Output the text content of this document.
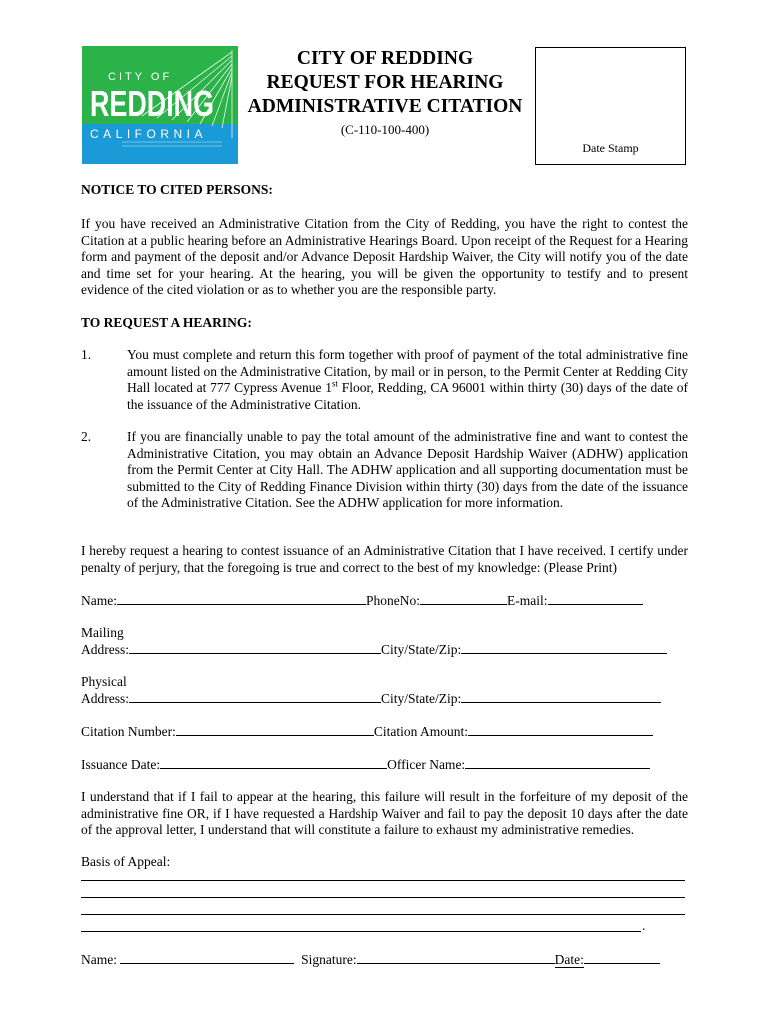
CITY OF
REDDING
CALIFORNIA
CITY OF REDDING
REQUEST FOR HEARING
ADMINISTRATIVE CITATION
(C-110-100-400)
Date Stamp
NOTICE TO CITED PERSONS:
If you have received an Administrative Citation from the City of Redding, you have the right to contest the Citation at a public hearing before an Administrative Hearings Board. Upon receipt of the Request for a Hearing form and payment of the deposit and/or Advance Deposit Hardship Waiver, the City will notify you of the date and time set for your hearing. At the hearing, you will be given the opportunity to testify and to present evidence of the cited violation or as to whether you are the responsible party.
TO REQUEST A HEARING:
1.	You must complete and return this form together with proof of payment of the total administrative fine amount listed on the Administrative Citation, by mail or in person, to the Permit Center at Redding City Hall located at 777 Cypress Avenue 1st Floor, Redding, CA 96001 within thirty (30) days of the date of the issuance of the Administrative Citation.
2.	If you are financially unable to pay the total amount of the administrative fine and want to contest the Administrative Citation, you may obtain an Advance Deposit Hardship Waiver (ADHW) application from the Permit Center at City Hall. The ADHW application and all supporting documentation must be submitted to the City of Redding Finance Division within thirty (30) days from the date of the issuance of the Administrative Citation. See the ADHW application for more information.
I hereby request a hearing to contest issuance of an Administrative Citation that I have received. I certify under penalty of perjury, that the foregoing is true and correct to the best of my knowledge: (Please Print)
Name:	PhoneNo:	E-mail:
Mailing
Address:	City/State/Zip:
Physical
Address:	City/State/Zip:
Citation Number:	Citation Amount:
Issuance Date:	Officer Name:
I understand that if I fail to appear at the hearing, this failure will result in the forfeiture of my deposit of the administrative fine OR, if I have requested a Hardship Waiver and fail to pay the deposit 10 days after the date of the approval letter, I understand that will constitute a failure to exhaust my administrative remedies.
Basis of Appeal:
.
Name:	Signature:	Date:
